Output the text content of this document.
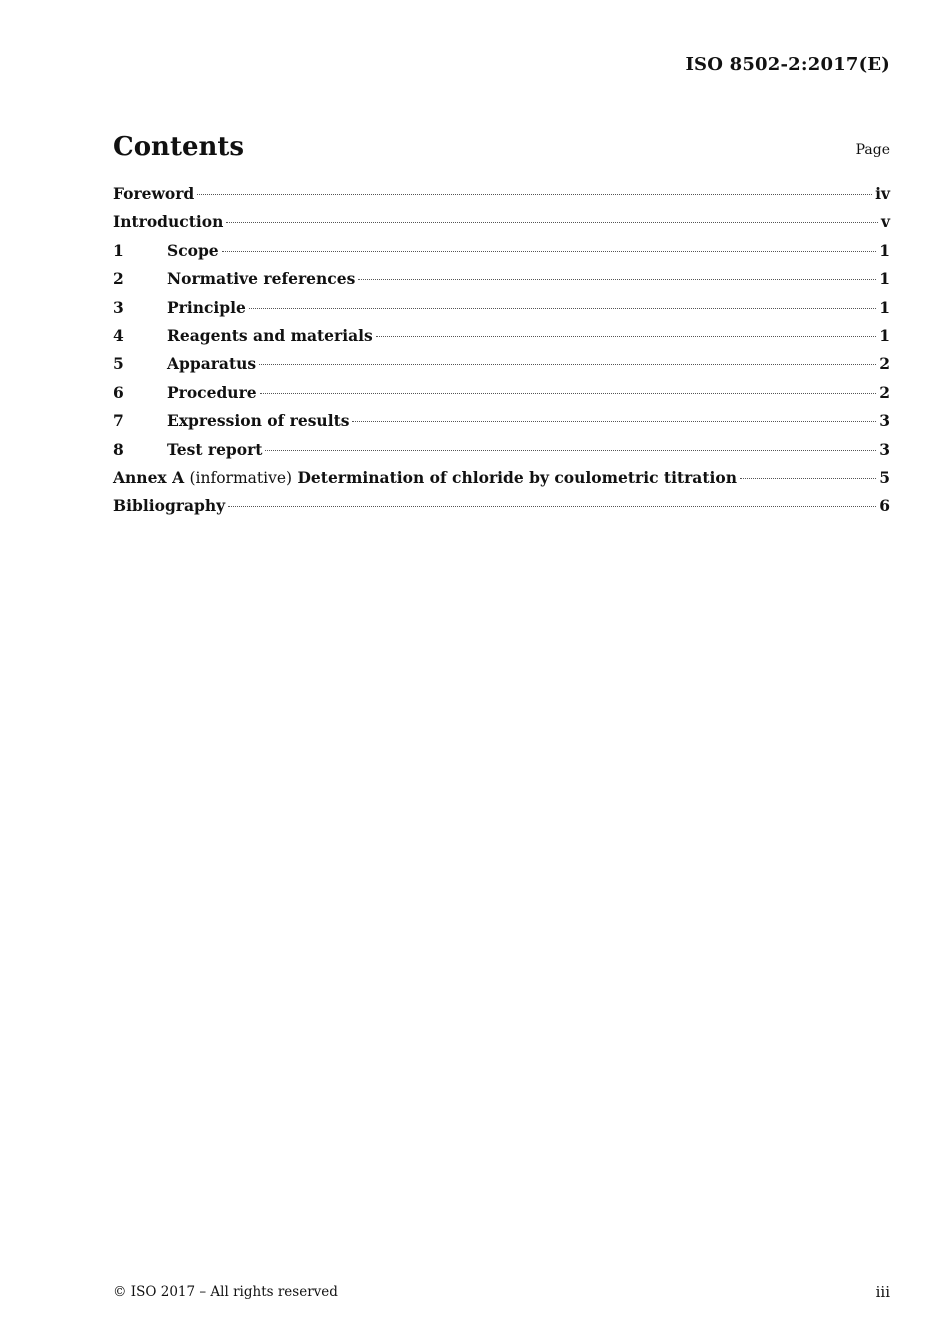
ISO 8502-2:2017(E)
Contents	Page
Foreword	iv
Introduction	v
1	Scope	1
2	Normative references	1
3	Principle	1
4	Reagents and materials	1
5	Apparatus	2
6	Procedure	2
7	Expression of results	3
8	Test report	3
Annex A (informative) Determination of chloride by coulometric titration	5
Bibliography	6
© ISO 2017 – All rights reserved	iii
